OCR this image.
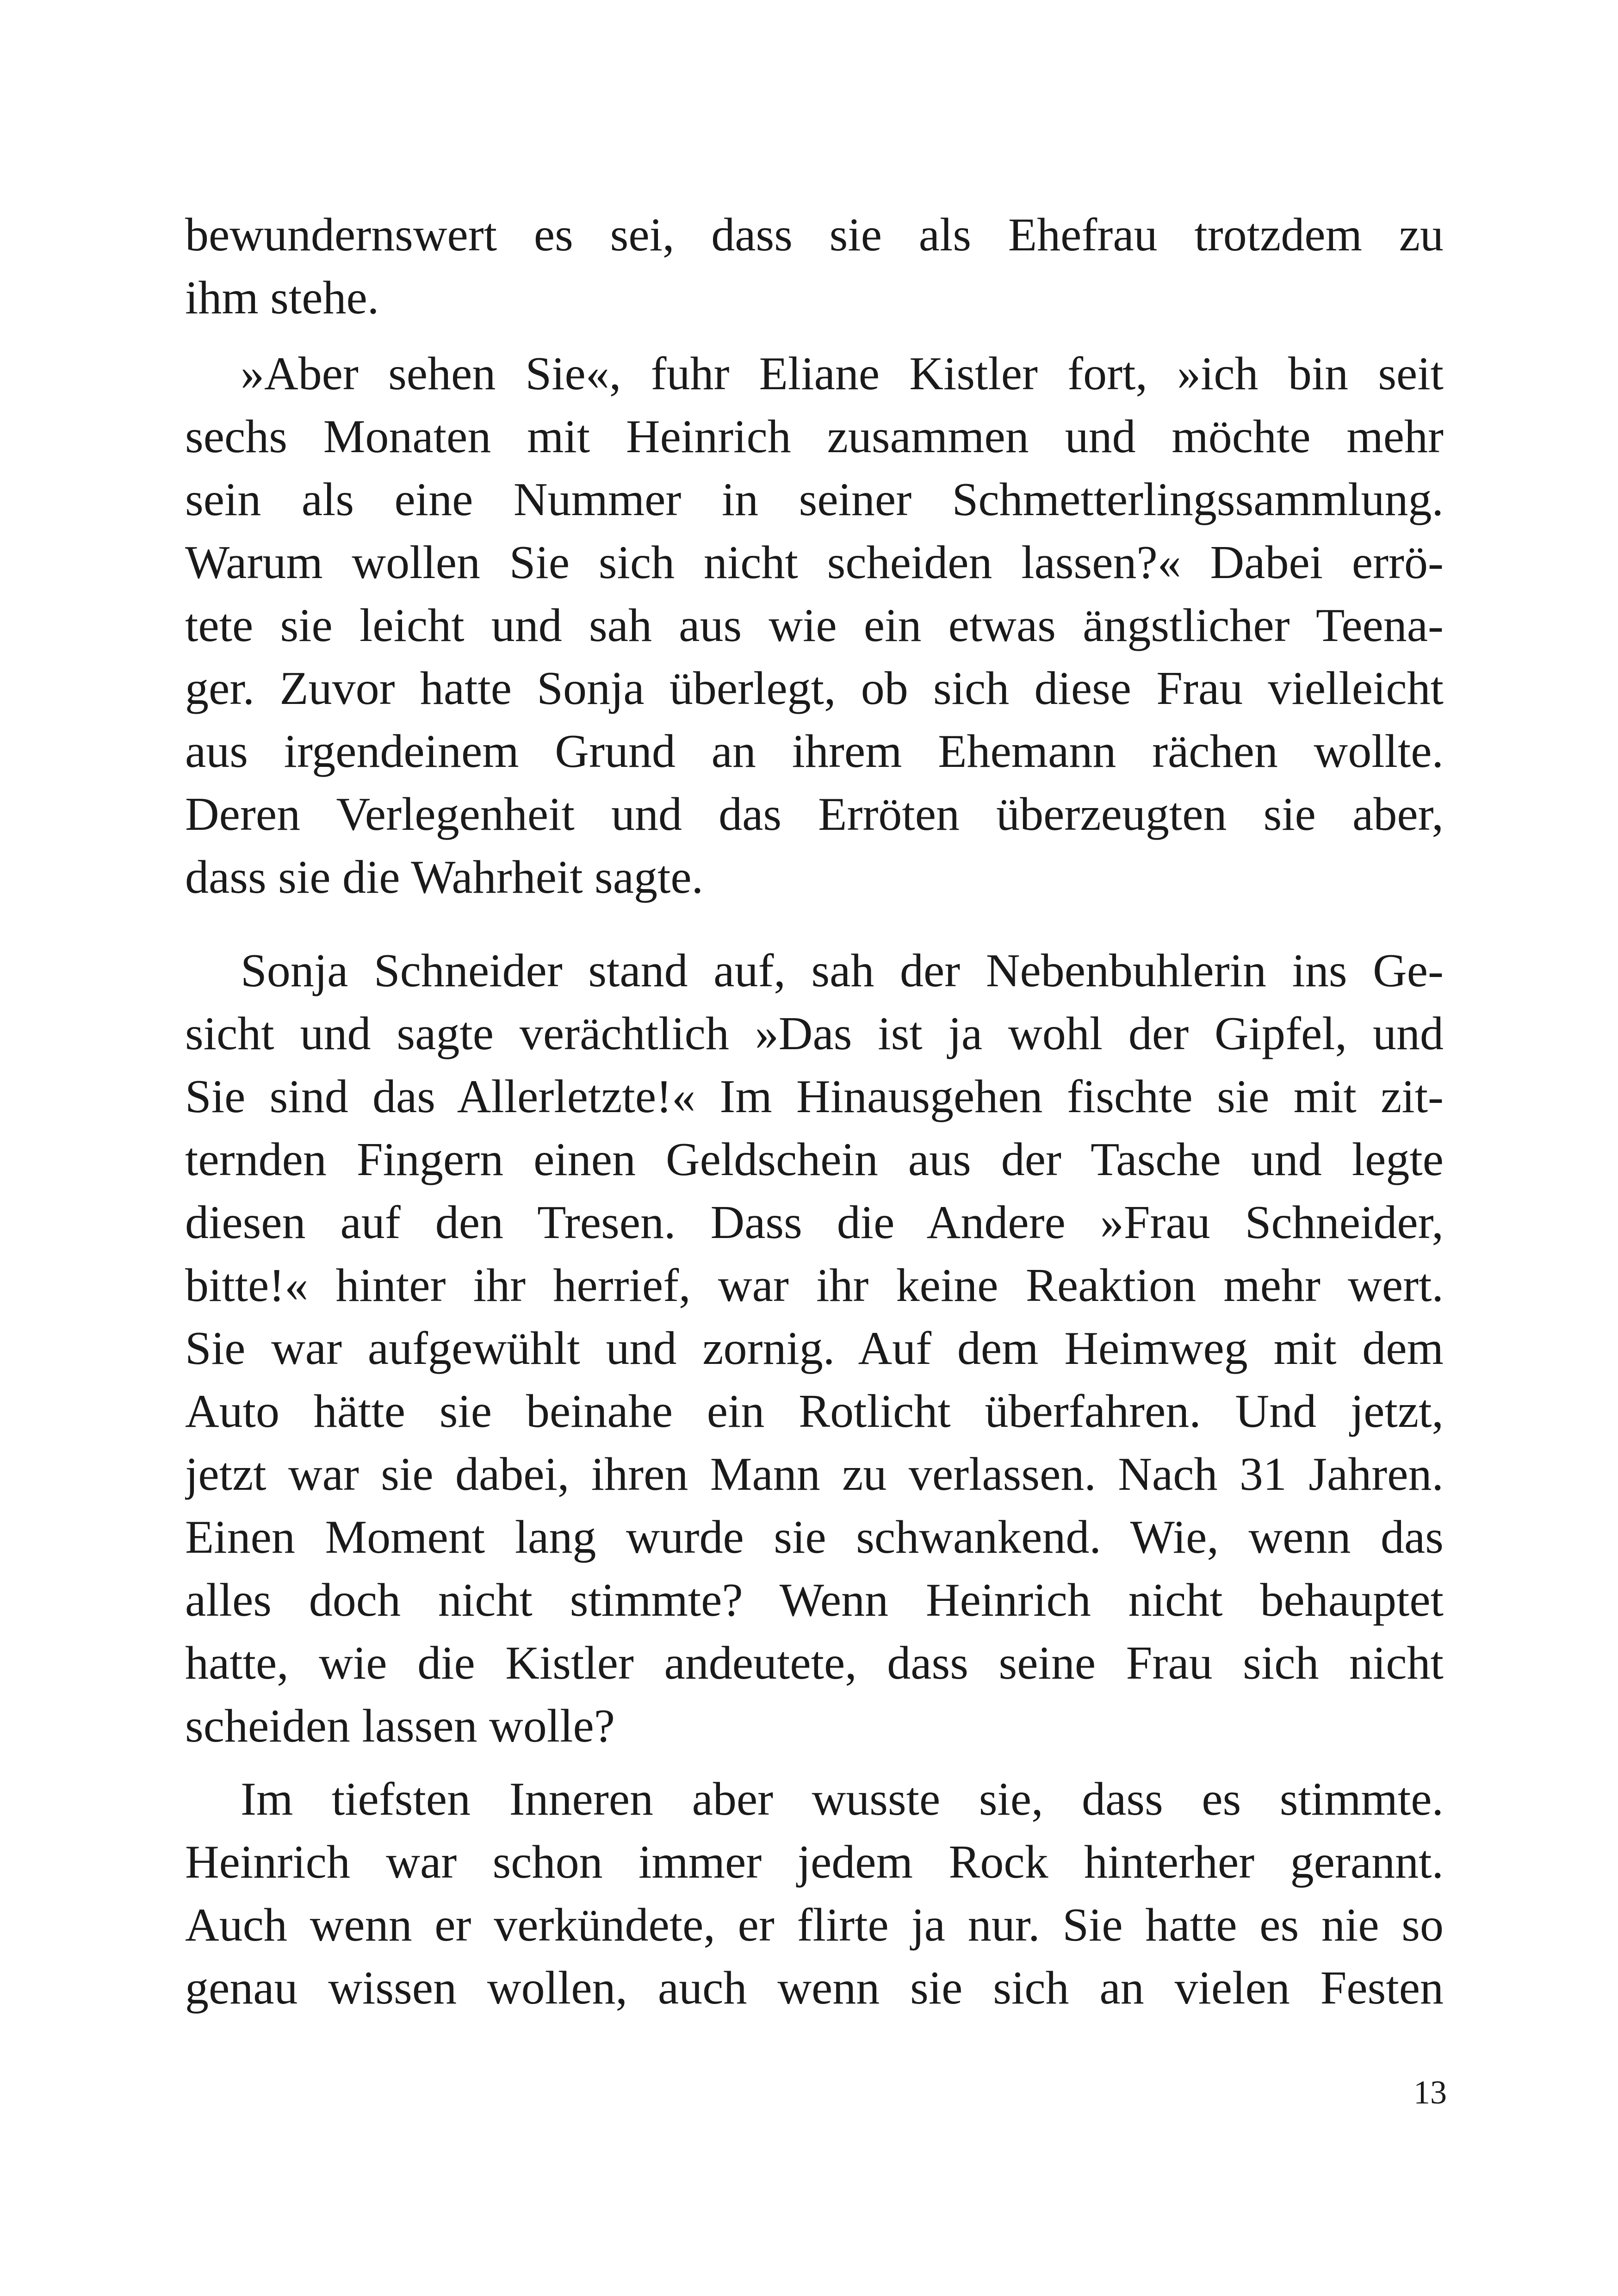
bewundernswert es sei, dass sie als Ehefrau trotzdem zu
ihm stehe.
»Aber sehen Sie«, fuhr Eliane Kistler fort, »ich bin seit
sechs Monaten mit Heinrich zusammen und möchte mehr
sein als eine Nummer in seiner Schmetterlingssammlung.
Warum wollen Sie sich nicht scheiden lassen?« Dabei errö-
tete sie leicht und sah aus wie ein etwas ängstlicher Teena-
ger. Zuvor hatte Sonja überlegt, ob sich diese Frau vielleicht
aus irgendeinem Grund an ihrem Ehemann rächen wollte.
Deren Verlegenheit und das Erröten überzeugten sie aber,
dass sie die Wahrheit sagte.
Sonja Schneider stand auf, sah der Nebenbuhlerin ins Ge-
sicht und sagte verächtlich »Das ist ja wohl der Gipfel, und
Sie sind das Allerletzte!« Im Hinausgehen fischte sie mit zit-
ternden Fingern einen Geldschein aus der Tasche und legte
diesen auf den Tresen. Dass die Andere »Frau Schneider,
bitte!« hinter ihr herrief, war ihr keine Reaktion mehr wert.
Sie war aufgewühlt und zornig. Auf dem Heimweg mit dem
Auto hätte sie beinahe ein Rotlicht überfahren. Und jetzt,
jetzt war sie dabei, ihren Mann zu verlassen. Nach 31 Jahren.
Einen Moment lang wurde sie schwankend. Wie, wenn das
alles doch nicht stimmte? Wenn Heinrich nicht behauptet
hatte, wie die Kistler andeutete, dass seine Frau sich nicht
scheiden lassen wolle?
Im tiefsten Inneren aber wusste sie, dass es stimmte.
Heinrich war schon immer jedem Rock hinterher gerannt.
Auch wenn er verkündete, er flirte ja nur. Sie hatte es nie so
genau wissen wollen, auch wenn sie sich an vielen Festen
13
